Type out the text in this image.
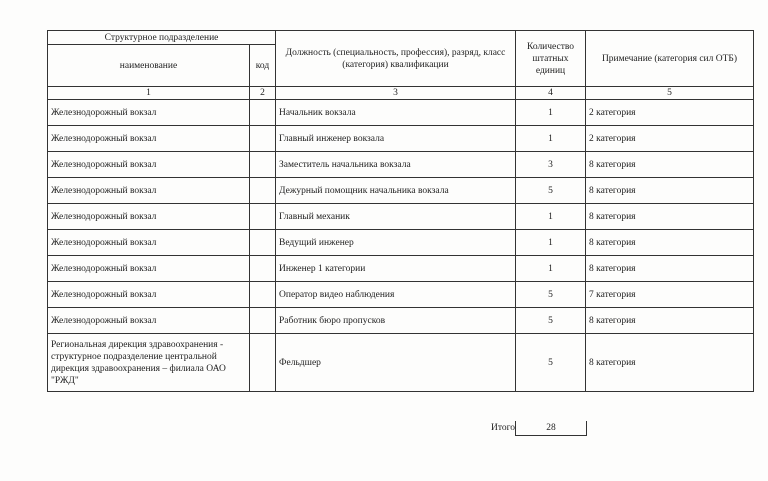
Структурное подразделение		Должность (специальность, профессия), разряд, класс (категория) квалификации	Количество штатных единиц	Примечание (категория сил ОТБ)
наименование	код			
1	2	3	4	5
Железнодорожный вокзал		Начальник вокзала	1	2 категория
Железнодорожный вокзал		Главный инженер вокзала	1	2 категория
Железнодорожный вокзал		Заместитель начальника вокзала	3	8 категория
Железнодорожный вокзал		Дежурный помощник начальника вокзала	5	8 категория
Железнодорожный вокзал		Главный механик	1	8 категория
Железнодорожный вокзал		Ведущий инженер	1	8 категория
Железнодорожный вокзал		Инженер 1 категории	1	8 категория
Железнодорожный вокзал		Оператор видео наблюдения	5	7 категория
Железнодорожный вокзал		Работник бюро пропусков	5	8 категория
Региональная дирекция здравоохранения - структурное подразделение центральной дирекция здравоохранения – филиала ОАО "РЖД"		Фельдшер	5	8 категория
Итого	28
